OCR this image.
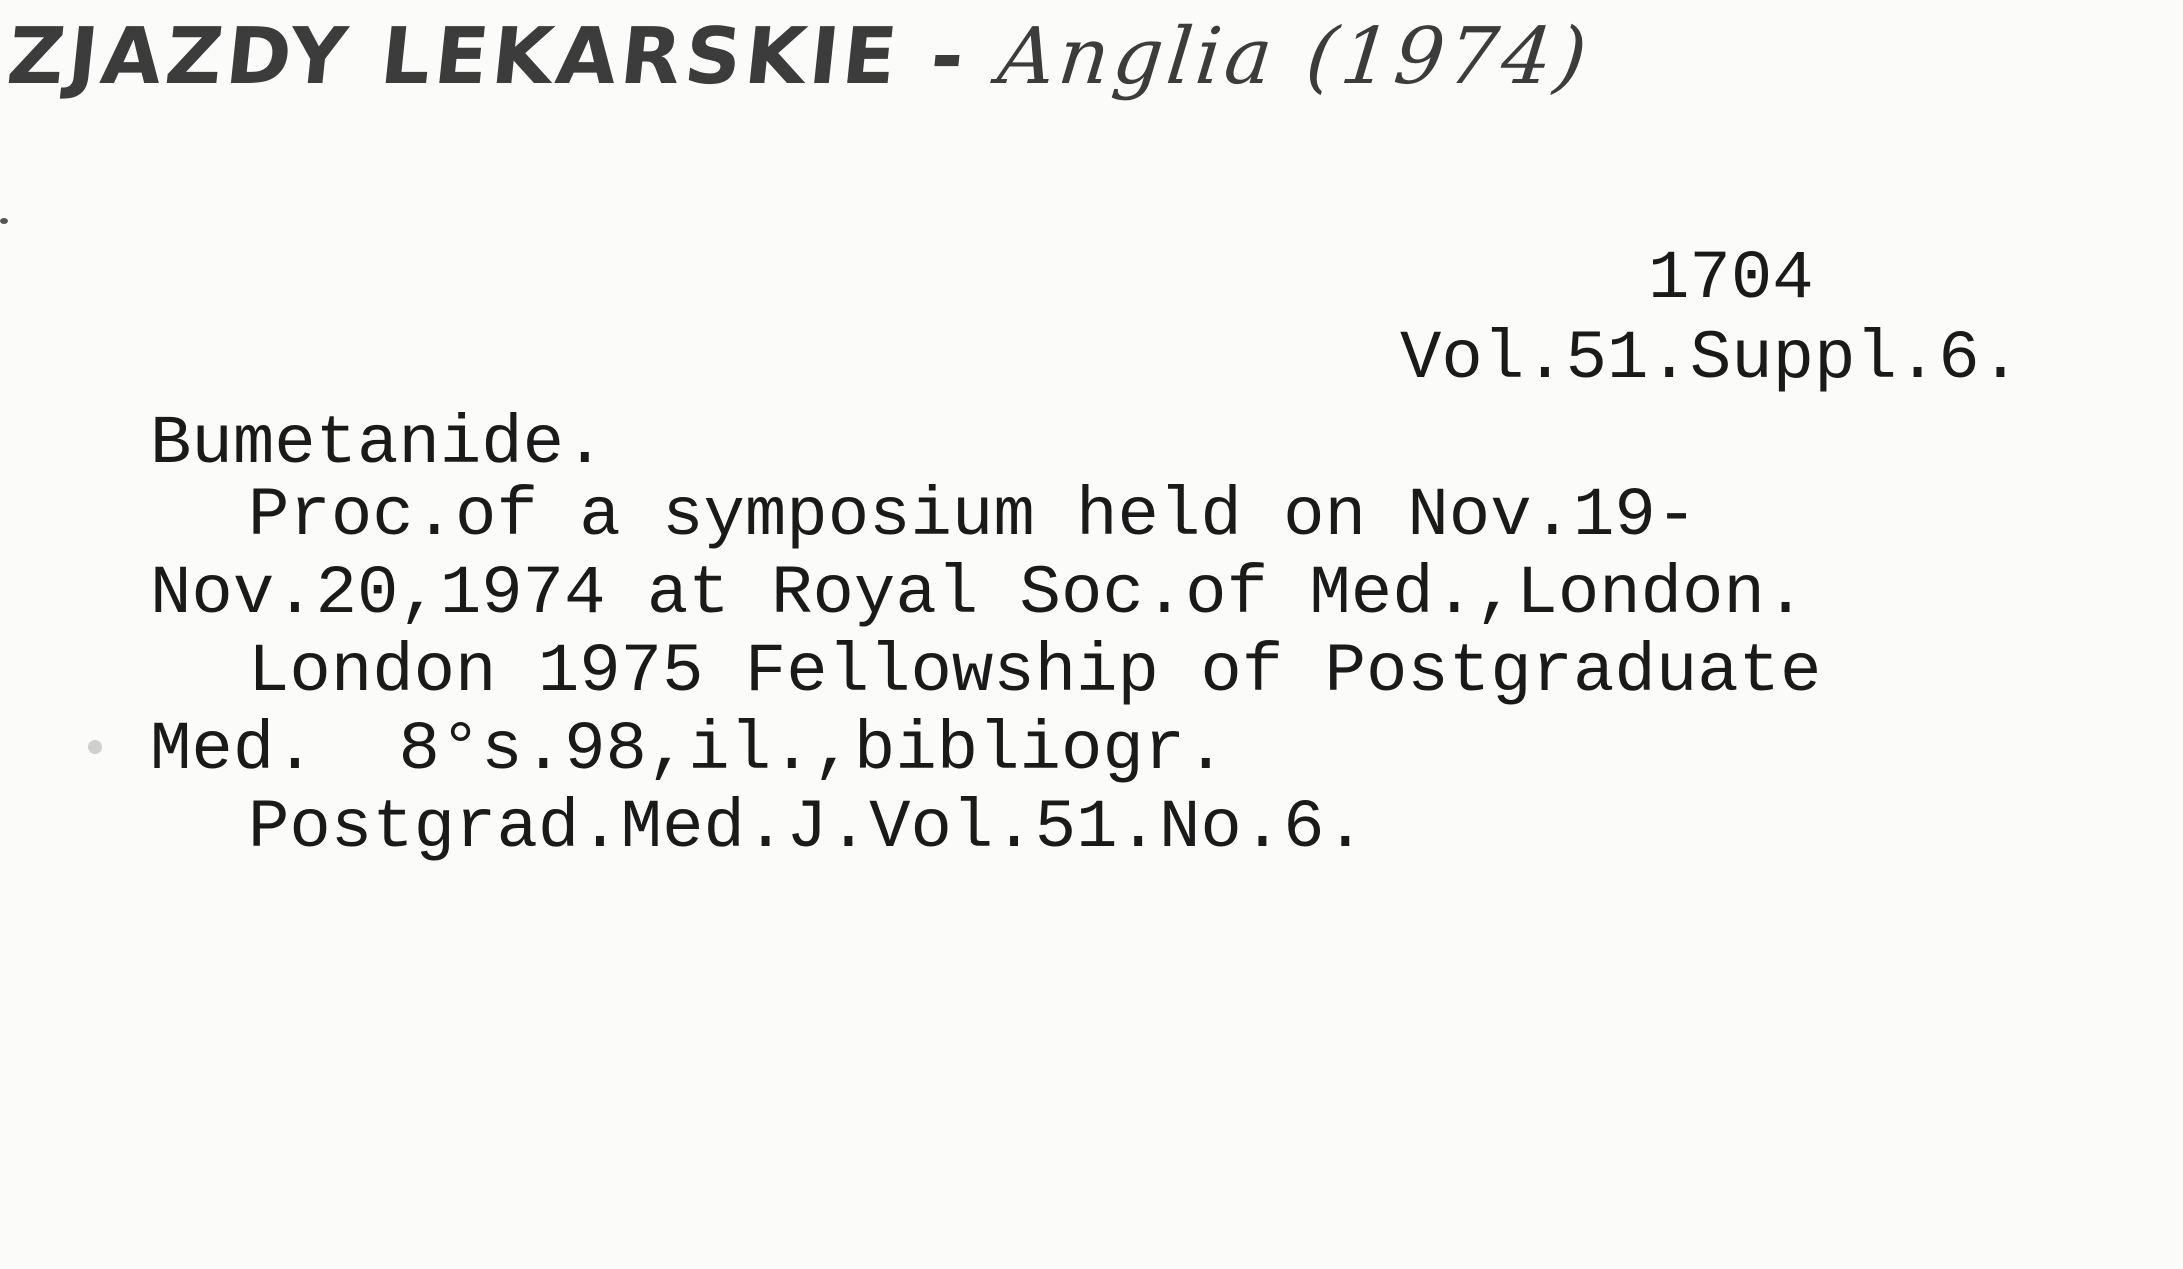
ZJAZDY LEKARSKIE - Anglia (1974)
1704
Vol.51.Suppl.6.
Bumetanide.
Proc.of a symposium held on Nov.19-
Nov.20,1974 at Royal Soc.of Med.,London.
London 1975 Fellowship of Postgraduate
Med.  8°s.98,il.,bibliogr.
Postgrad.Med.J.Vol.51.No.6.
